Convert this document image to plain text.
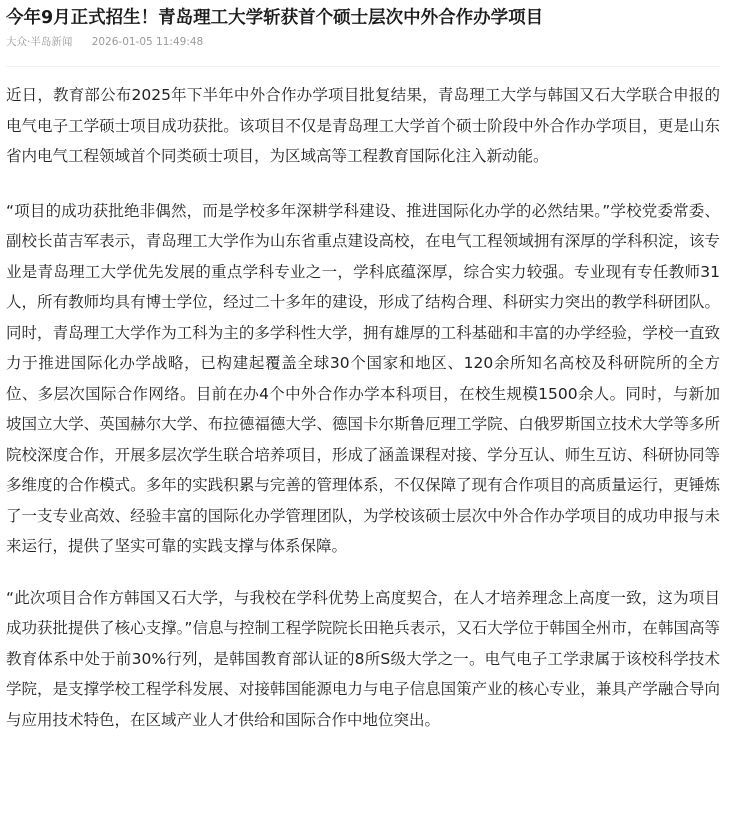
今年9月正式招生！青岛理工大学斩获首个硕士层次中外合作办学项目
大众·半岛新闻 2026-01-05 11:49:48

近日，教育部公布2025年下半年中外合作办学项目批复结果，青岛理工大学与韩国又石大学联合申报的电气电子工学硕士项目成功获批。该项目不仅是青岛理工大学首个硕士阶段中外合作办学项目，更是山东省内电气工程领域首个同类硕士项目，为区域高等工程教育国际化注入新动能。

“项目的成功获批绝非偶然，而是学校多年深耕学科建设、推进国际化办学的必然结果。”学校党委常委、副校长苗吉军表示，青岛理工大学作为山东省重点建设高校，在电气工程领域拥有深厚的学科积淀，该专业是青岛理工大学优先发展的重点学科专业之一，学科底蕴深厚，综合实力较强。专业现有专任教师31人，所有教师均具有博士学位，经过二十多年的建设，形成了结构合理、科研实力突出的教学科研团队。同时，青岛理工大学作为工科为主的多学科性大学，拥有雄厚的工科基础和丰富的办学经验，学校一直致力于推进国际化办学战略，已构建起覆盖全球30个国家和地区、120余所知名高校及科研院所的全方位、多层次国际合作网络。目前在办4个中外合作办学本科项目，在校生规模1500余人。同时，与新加坡国立大学、英国赫尔大学、布拉德福德大学、德国卡尔斯鲁厄理工学院、白俄罗斯国立技术大学等多所院校深度合作，开展多层次学生联合培养项目，形成了涵盖课程对接、学分互认、师生互访、科研协同等多维度的合作模式。多年的实践积累与完善的管理体系，不仅保障了现有合作项目的高质量运行，更锤炼了一支专业高效、经验丰富的国际化办学管理团队，为学校该硕士层次中外合作办学项目的成功申报与未来运行，提供了坚实可靠的实践支撑与体系保障。

“此次项目合作方韩国又石大学，与我校在学科优势上高度契合，在人才培养理念上高度一致，这为项目成功获批提供了核心支撑。”信息与控制工程学院院长田艳兵表示，又石大学位于韩国全州市，在韩国高等教育体系中处于前30%行列，是韩国教育部认证的8所S级大学之一。电气电子工学隶属于该校科学技术学院，是支撑学校工程学科发展、对接韩国能源电力与电子信息国策产业的核心专业，兼具产学融合导向与应用技术特色，在区域产业人才供给和国际合作中地位突出。
